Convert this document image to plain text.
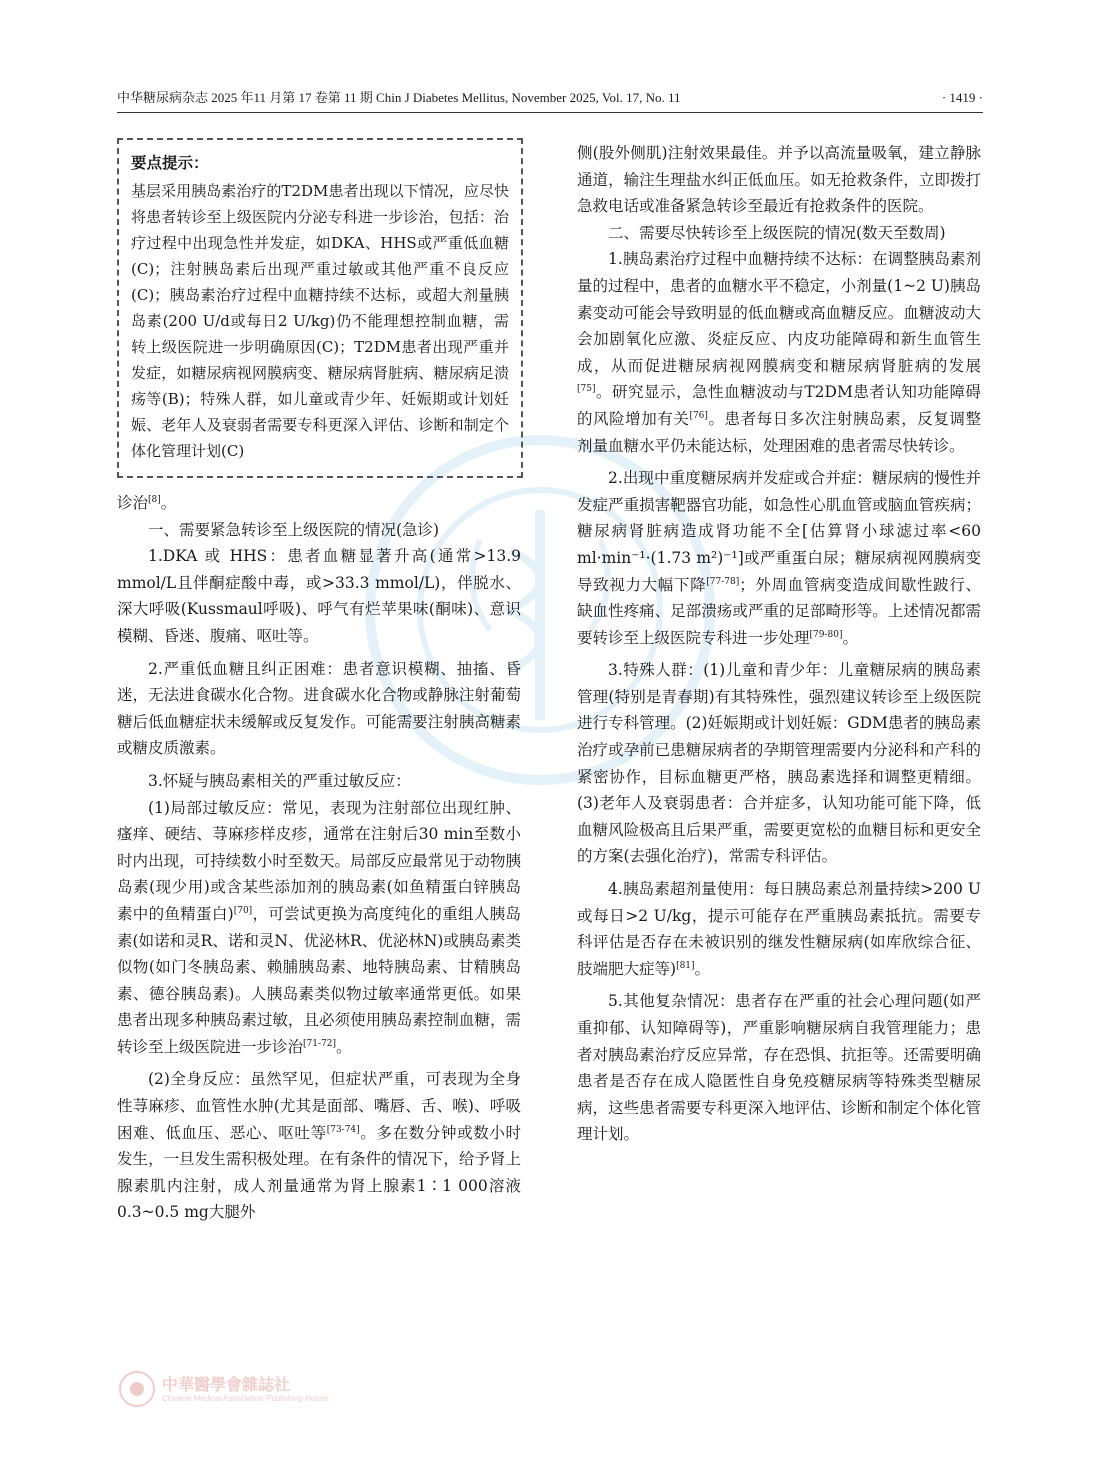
中华糖尿病杂志 2025 年11 月第 17 卷第 11 期 Chin J Diabetes Mellitus, November 2025, Vol. 17, No. 11	· 1419 ·
要点提示：
基层采用胰岛素治疗的T2DM患者出现以下情况，应尽快将患者转诊至上级医院内分泌专科进一步诊治，包括：治疗过程中出现急性并发症，如DKA、HHS或严重低血糖(C)；注射胰岛素后出现严重过敏或其他严重不良反应(C)；胰岛素治疗过程中血糖持续不达标，或超大剂量胰岛素(200 U/d或每日2 U/kg)仍不能理想控制血糖，需转上级医院进一步明确原因(C)；T2DM患者出现严重并发症，如糖尿病视网膜病变、糖尿病肾脏病、糖尿病足溃疡等(B)；特殊人群，如儿童或青少年、妊娠期或计划妊娠、老年人及衰弱者需要专科更深入评估、诊断和制定个体化管理计划(C)

诊治[8]。

一、需要紧急转诊至上级医院的情况(急诊)

1.DKA 或 HHS：患者血糖显著升高(通常>13.9 mmol/L且伴酮症酸中毒，或>33.3 mmol/L)，伴脱水、深大呼吸(Kussmaul呼吸)、呼气有烂苹果味(酮味)、意识模糊、昏迷、腹痛、呕吐等。

2.严重低血糖且纠正困难：患者意识模糊、抽搐、昏迷，无法进食碳水化合物。进食碳水化合物或静脉注射葡萄糖后低血糖症状未缓解或反复发作。可能需要注射胰高糖素或糖皮质激素。

3.怀疑与胰岛素相关的严重过敏反应：

(1)局部过敏反应：常见，表现为注射部位出现红肿、瘙痒、硬结、荨麻疹样皮疹，通常在注射后30 min至数小时内出现，可持续数小时至数天。局部反应最常见于动物胰岛素(现少用)或含某些添加剂的胰岛素(如鱼精蛋白锌胰岛素中的鱼精蛋白)[70]，可尝试更换为高度纯化的重组人胰岛素(如诺和灵R、诺和灵N、优泌林R、优泌林N)或胰岛素类似物(如门冬胰岛素、赖脯胰岛素、地特胰岛素、甘精胰岛素、德谷胰岛素)。人胰岛素类似物过敏率通常更低。如果患者出现多种胰岛素过敏，且必须使用胰岛素控制血糖，需转诊至上级医院进一步诊治[71-72]。

(2)全身反应：虽然罕见，但症状严重，可表现为全身性荨麻疹、血管性水肿(尤其是面部、嘴唇、舌、喉)、呼吸困难、低血压、恶心、呕吐等[73-74]。多在数分钟或数小时发生，一旦发生需积极处理。在有条件的情况下，给予肾上腺素肌内注射，成人剂量通常为肾上腺素1∶1 000溶液0.3~0.5 mg大腿外

侧(股外侧肌)注射效果最佳。并予以高流量吸氧，建立静脉通道，输注生理盐水纠正低血压。如无抢救条件，立即拨打急救电话或准备紧急转诊至最近有抢救条件的医院。

二、需要尽快转诊至上级医院的情况(数天至数周)

1.胰岛素治疗过程中血糖持续不达标：在调整胰岛素剂量的过程中，患者的血糖水平不稳定，小剂量(1~2 U)胰岛素变动可能会导致明显的低血糖或高血糖反应。血糖波动大会加剧氧化应激、炎症反应、内皮功能障碍和新生血管生成，从而促进糖尿病视网膜病变和糖尿病肾脏病的发展[75]。研究显示，急性血糖波动与T2DM患者认知功能障碍的风险增加有关[76]。患者每日多次注射胰岛素，反复调整剂量血糖水平仍未能达标，处理困难的患者需尽快转诊。

2.出现中重度糖尿病并发症或合并症：糖尿病的慢性并发症严重损害靶器官功能，如急性心肌血管或脑血管疾病；糖尿病肾脏病造成肾功能不全[估算肾小球滤过率<60 ml·min⁻¹·(1.73 m²)⁻¹]或严重蛋白尿；糖尿病视网膜病变导致视力大幅下降[77-78]；外周血管病变造成间歇性跛行、缺血性疼痛、足部溃疡或严重的足部畸形等。上述情况都需要转诊至上级医院专科进一步处理[79-80]。

3.特殊人群：(1)儿童和青少年：儿童糖尿病的胰岛素管理(特别是青春期)有其特殊性，强烈建议转诊至上级医院进行专科管理。(2)妊娠期或计划妊娠：GDM患者的胰岛素治疗或孕前已患糖尿病者的孕期管理需要内分泌科和产科的紧密协作，目标血糖更严格，胰岛素选择和调整更精细。(3)老年人及衰弱患者：合并症多，认知功能可能下降，低血糖风险极高且后果严重，需要更宽松的血糖目标和更安全的方案(去强化治疗)，常需专科评估。

4.胰岛素超剂量使用：每日胰岛素总剂量持续>200 U或每日>2 U/kg，提示可能存在严重胰岛素抵抗。需要专科评估是否存在未被识别的继发性糖尿病(如库欣综合征、肢端肥大症等)[81]。

5.其他复杂情况：患者存在严重的社会心理问题(如严重抑郁、认知障碍等)，严重影响糖尿病自我管理能力；患者对胰岛素治疗反应异常，存在恐惧、抗拒等。还需要明确患者是否存在成人隐匿性自身免疫糖尿病等特殊类型糖尿病，这些患者需要专科更深入地评估、诊断和制定个体化管理计划。

中華醫學會雜誌社
Chinese Medical Association Publishing House
